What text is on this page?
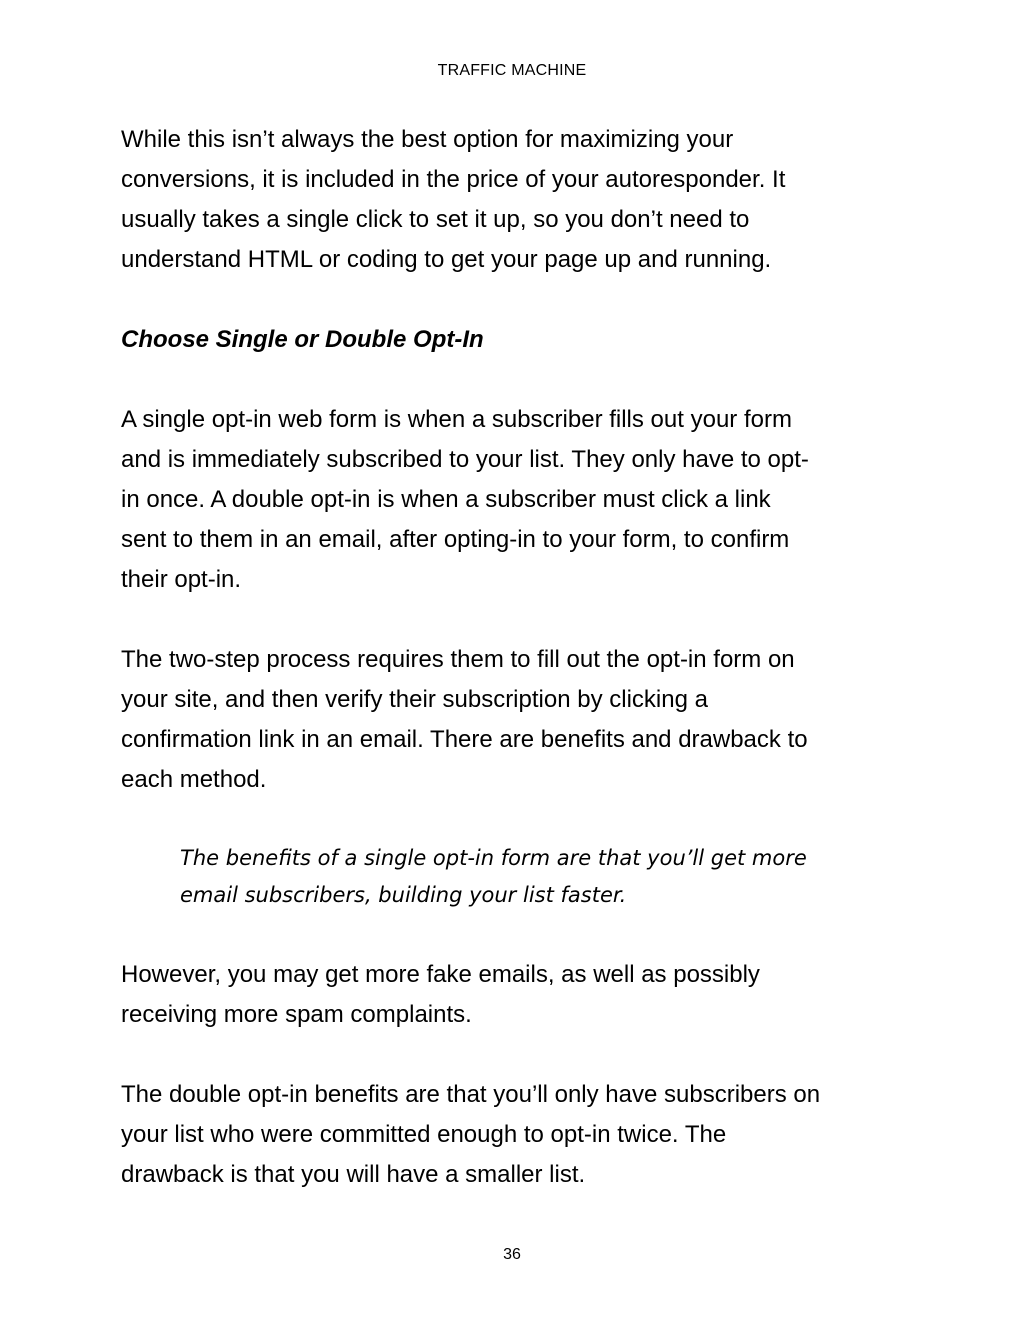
TRAFFIC MACHINE

While this isn’t always the best option for maximizing your
conversions, it is included in the price of your autoresponder. It
usually takes a single click to set it up, so you don’t need to
understand HTML or coding to get your page up and running.

Choose Single or Double Opt-In

A single opt-in web form is when a subscriber fills out your form
and is immediately subscribed to your list. They only have to opt-
in once. A double opt-in is when a subscriber must click a link
sent to them in an email, after opting-in to your form, to confirm
their opt-in.

The two-step process requires them to fill out the opt-in form on
your site, and then verify their subscription by clicking a
confirmation link in an email. There are benefits and drawback to
each method.

The benefits of a single opt-in form are that you’ll get more
email subscribers, building your list faster.

However, you may get more fake emails, as well as possibly
receiving more spam complaints.

The double opt-in benefits are that you’ll only have subscribers on
your list who were committed enough to opt-in twice. The
drawback is that you will have a smaller list.

36
